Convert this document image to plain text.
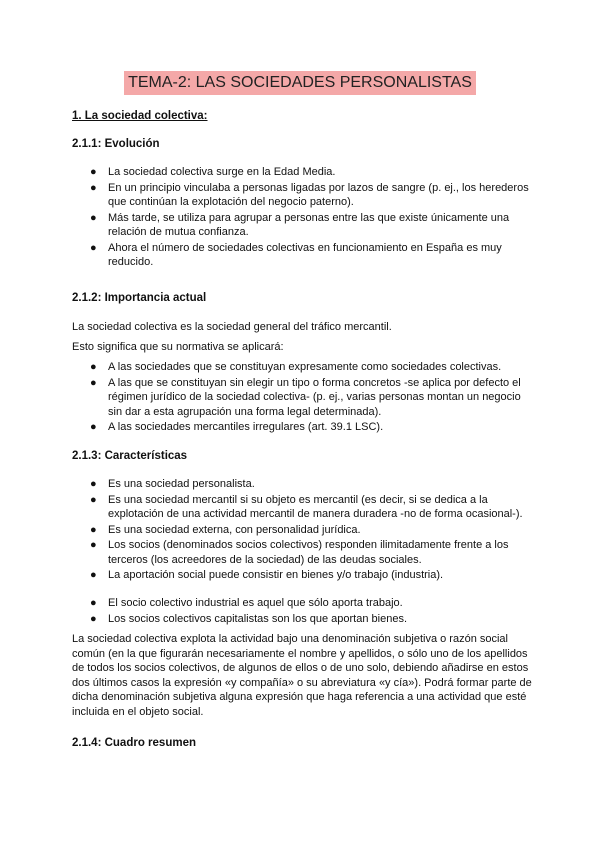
TEMA-2: LAS SOCIEDADES PERSONALISTAS
1. La sociedad colectiva:
2.1.1: Evolución
● La sociedad colectiva surge en la Edad Media.
● En un principio vinculaba a personas ligadas por lazos de sangre (p. ej., los herederos que continúan la explotación del negocio paterno).
● Más tarde, se utiliza para agrupar a personas entre las que existe únicamente una relación de mutua confianza.
● Ahora el número de sociedades colectivas en funcionamiento en España es muy reducido.
2.1.2: Importancia actual
La sociedad colectiva es la sociedad general del tráfico mercantil.
Esto significa que su normativa se aplicará:
● A las sociedades que se constituyan expresamente como sociedades colectivas.
● A las que se constituyan sin elegir un tipo o forma concretos -se aplica por defecto el régimen jurídico de la sociedad colectiva- (p. ej., varias personas montan un negocio sin dar a esta agrupación una forma legal determinada).
● A las sociedades mercantiles irregulares (art. 39.1 LSC).
2.1.3: Características
● Es una sociedad personalista.
● Es una sociedad mercantil si su objeto es mercantil (es decir, si se dedica a la explotación de una actividad mercantil de manera duradera -no de forma ocasional-).
● Es una sociedad externa, con personalidad jurídica.
● Los socios (denominados socios colectivos) responden ilimitadamente frente a los terceros (los acreedores de la sociedad) de las deudas sociales.
● La aportación social puede consistir en bienes y/o trabajo (industria).
● El socio colectivo industrial es aquel que sólo aporta trabajo.
● Los socios colectivos capitalistas son los que aportan bienes.
La sociedad colectiva explota la actividad bajo una denominación subjetiva o razón social común (en la que figurarán necesariamente el nombre y apellidos, o sólo uno de los apellidos de todos los socios colectivos, de algunos de ellos o de uno solo, debiendo añadirse en estos dos últimos casos la expresión «y compañía» o su abreviatura «y cía»). Podrá formar parte de dicha denominación subjetiva alguna expresión que haga referencia a una actividad que esté incluida en el objeto social.
2.1.4: Cuadro resumen
